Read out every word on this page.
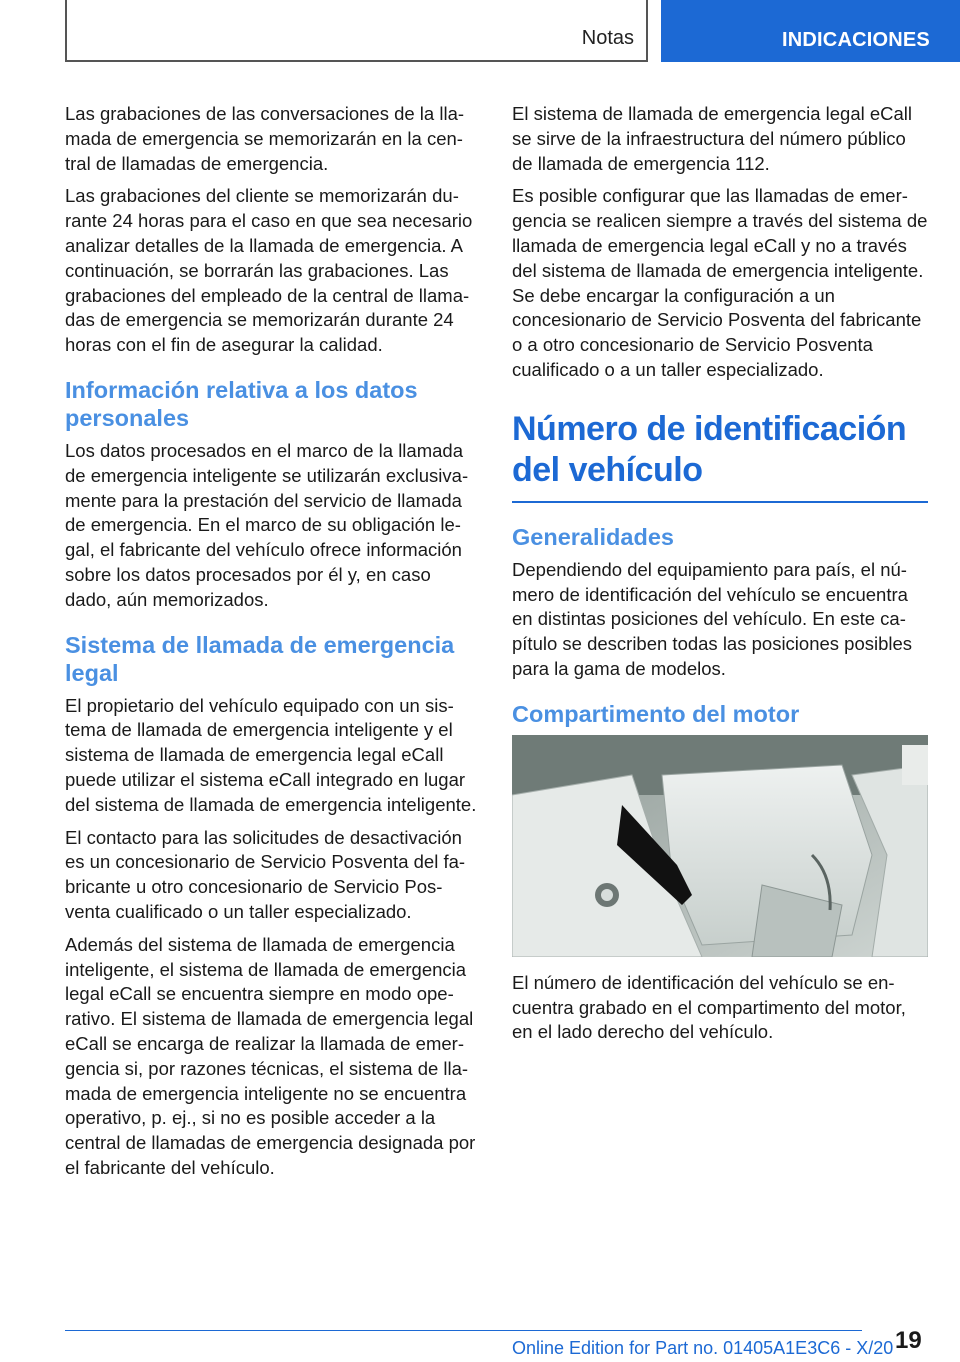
Notas	INDICACIONES

Las grabaciones de las conversaciones de la llamada de emergencia se memorizarán en la central de llamadas de emergencia.

Las grabaciones del cliente se memorizarán durante 24 horas para el caso en que sea necesario analizar detalles de la llamada de emergencia. A continuación, se borrarán las grabaciones. Las grabaciones del empleado de la central de llamadas de emergencia se memorizarán durante 24 horas con el fin de asegurar la calidad.

Información relativa a los datos personales

Los datos procesados en el marco de la llamada de emergencia inteligente se utilizarán exclusivamente para la prestación del servicio de llamada de emergencia. En el marco de su obligación legal, el fabricante del vehículo ofrece información sobre los datos procesados por él y, en caso dado, aún memorizados.

Sistema de llamada de emergencia legal

El propietario del vehículo equipado con un sistema de llamada de emergencia inteligente y el sistema de llamada de emergencia legal eCall puede utilizar el sistema eCall integrado en lugar del sistema de llamada de emergencia inteligente.

El contacto para las solicitudes de desactivación es un concesionario de Servicio Posventa del fabricante u otro concesionario de Servicio Posventa cualificado o un taller especializado.

Además del sistema de llamada de emergencia inteligente, el sistema de llamada de emergencia legal eCall se encuentra siempre en modo operativo. El sistema de llamada de emergencia legal eCall se encarga de realizar la llamada de emergencia si, por razones técnicas, el sistema de llamada de emergencia inteligente no se encuentra operativo, p. ej., si no es posible acceder a la central de llamadas de emergencia designada por el fabricante del vehículo.

El sistema de llamada de emergencia legal eCall se sirve de la infraestructura del número público de llamada de emergencia 112.

Es posible configurar que las llamadas de emergencia se realicen siempre a través del sistema de llamada de emergencia legal eCall y no a través del sistema de llamada de emergencia inteligente. Se debe encargar la configuración a un concesionario de Servicio Posventa del fabricante o a otro concesionario de Servicio Posventa cualificado o a un taller especializado.

Número de identificación del vehículo
Generalidades

Dependiendo del equipamiento para país, el número de identificación del vehículo se encuentra en distintas posiciones del vehículo. En este capítulo se describen todas las posiciones posibles para la gama de modelos.

Compartimento del motor

El número de identificación del vehículo se encuentra grabado en el compartimento del motor, en el lado derecho del vehículo.

19
Online Edition for Part no. 01405A1E3C6 - X/20
